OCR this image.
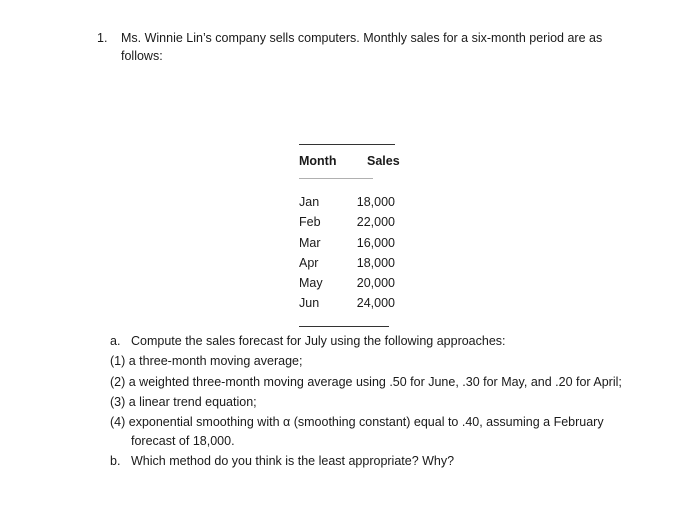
1. Ms. Winnie Lin’s company sells computers. Monthly sales for a six-month period are as follows:
Month Sales
Jan	18,000
Feb	22,000
Mar	16,000
Apr	18,000
May	20,000
Jun	24,000
a. Compute the sales forecast for July using the following approaches:
(1) a three-month moving average;
(2) a weighted three-month moving average using .50 for June, .30 for May, and .20 for April;
(3) a linear trend equation;
(4) exponential smoothing with α (smoothing constant) equal to .40, assuming a February forecast of 18,000.
b. Which method do you think is the least appropriate? Why?
